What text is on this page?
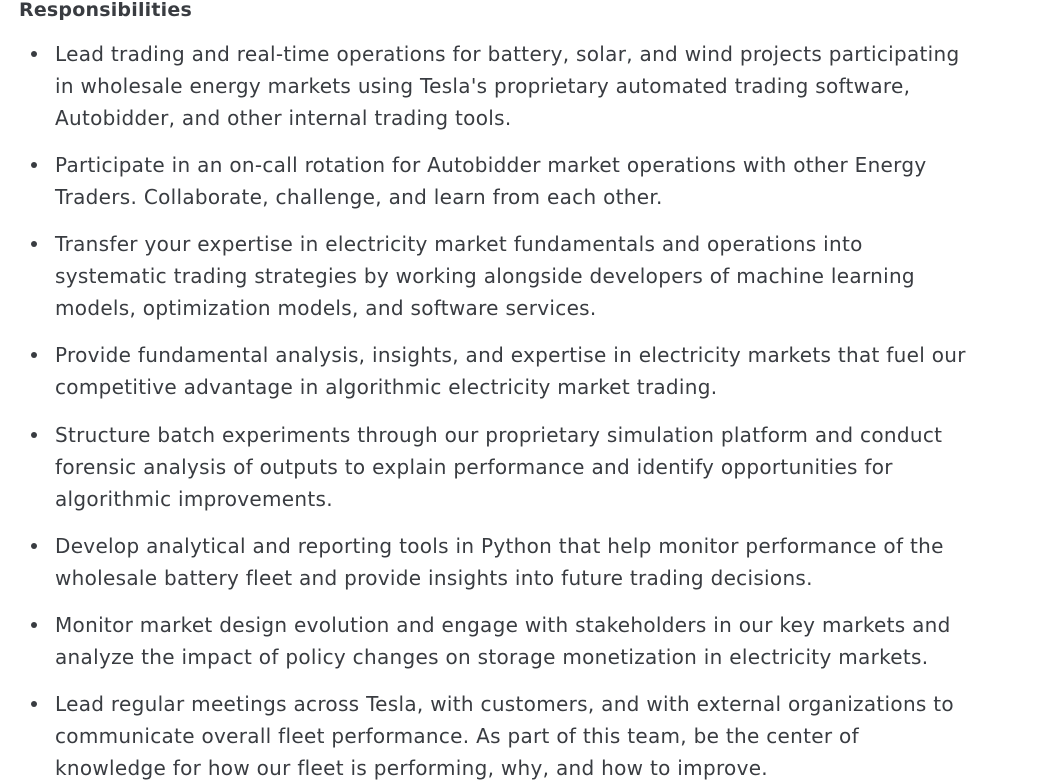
Responsibilities
Lead trading and real-time operations for battery, solar, and wind projects participating
in wholesale energy markets using Tesla's proprietary automated trading software,
Autobidder, and other internal trading tools.
Participate in an on-call rotation for Autobidder market operations with other Energy
Traders. Collaborate, challenge, and learn from each other.
Transfer your expertise in electricity market fundamentals and operations into
systematic trading strategies by working alongside developers of machine learning
models, optimization models, and software services.
Provide fundamental analysis, insights, and expertise in electricity markets that fuel our
competitive advantage in algorithmic electricity market trading.
Structure batch experiments through our proprietary simulation platform and conduct
forensic analysis of outputs to explain performance and identify opportunities for
algorithmic improvements.
Develop analytical and reporting tools in Python that help monitor performance of the
wholesale battery fleet and provide insights into future trading decisions.
Monitor market design evolution and engage with stakeholders in our key markets and
analyze the impact of policy changes on storage monetization in electricity markets.
Lead regular meetings across Tesla, with customers, and with external organizations to
communicate overall fleet performance. As part of this team, be the center of
knowledge for how our fleet is performing, why, and how to improve.
